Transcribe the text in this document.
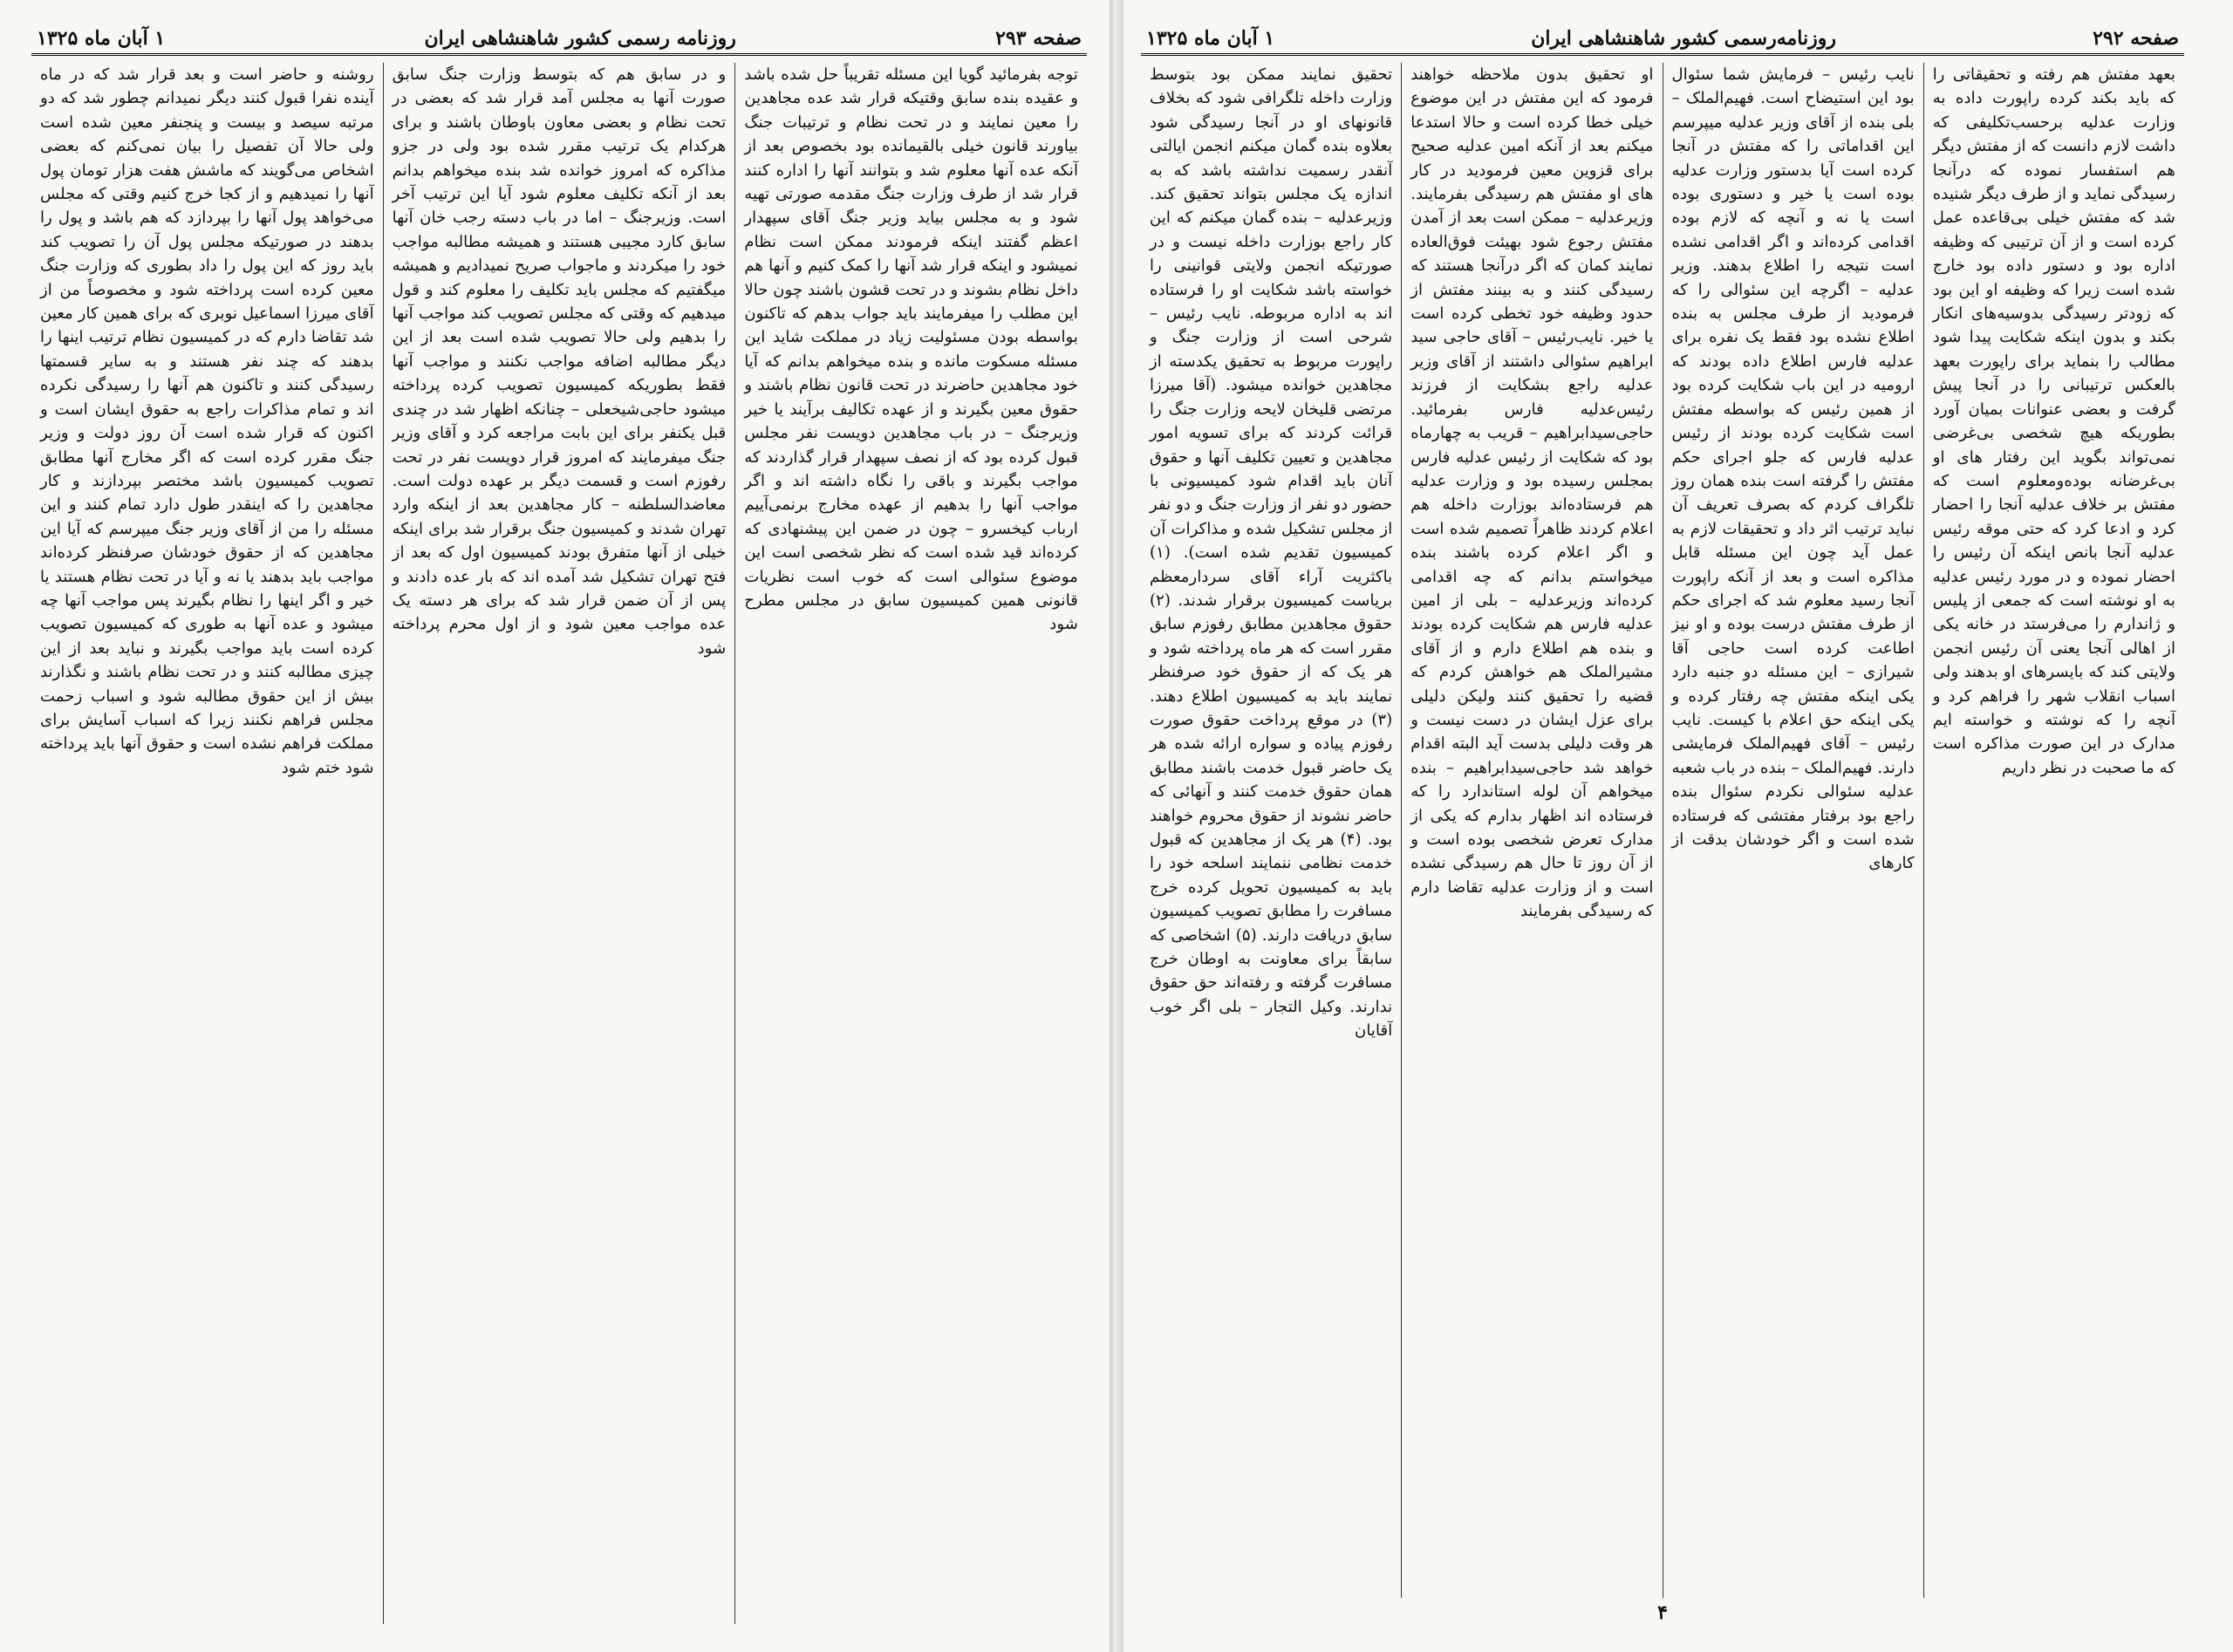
صفحه ۲۹۳
روزنامه رسمی کشور شاهنشاهی ایران
۱ آبان ماه ۱۳۲۵

توجه بفرمائید گویا این مسئله تقریباً حل شده باشد و عقیده بنده سابق وقتیکه قرار شد عده مجاهدین را معین نمایند و در تحت نظام و ترتیبات جنگ بیاورند قانون خیلی بالقیمانده بود بخصوص بعد از آنکه عده آنها معلوم شد و بتوانند آنها را اداره کنند قرار شد از طرف وزارت جنگ مقدمه صورتی تهیه شود و به مجلس بیاید وزیر جنگ آقای سپهدار اعظم گفتند اینکه فرمودند ممکن است نظام نمیشود و اینکه قرار شد آنها را کمک کنیم و آنها هم داخل نظام بشوند و در تحت قشون باشند چون حالا این مطلب را میفرمایند باید جواب بدهم که تاکنون بواسطه بودن مسئولیت زیاد در مملکت شاید این مسئله مسکوت مانده و بنده میخواهم بدانم که آیا خود مجاهدین حاضرند در تحت قانون نظام باشند و حقوق معین بگیرند و از عهده تکالیف برآیند یا خیر وزیرجنگ – در باب مجاهدین دویست نفر مجلس قبول کرده بود که از نصف سپهدار قرار گذاردند که مواجب بگیرند و باقی را نگاه داشته اند و اگر مواجب آنها را بدهیم از عهده مخارج برنمی‌آییم ارباب کیخسرو – چون در ضمن این پیشنهادی که کرده‌اند قید شده است که نظر شخصی است این موضوع سئوالی است که خوب است نظریات قانونی همین کمیسیون سابق در مجلس مطرح شود

و در سابق هم که بتوسط وزارت جنگ سابق صورت آنها به مجلس آمد قرار شد که بعضی در تحت نظام و بعضی معاون باوطان باشند و برای هرکدام یک ترتیب مقرر شده بود ولی در جزو مذاکره که امروز خوانده شد بنده میخواهم بدانم بعد از آنکه تکلیف معلوم شود آیا این ترتیب آخر است. وزیرجنگ – اما در باب دسته رجب خان آنها سابق کارد مجیبی هستند و همیشه مطالبه مواجب خود را میکردند و ماجواب صریح نمیدادیم و همیشه میگفتیم که مجلس باید تکلیف را معلوم کند و قول میدهیم که وقتی که مجلس تصویب کند مواجب آنها را بدهیم ولی حالا تصویب شده است بعد از این دیگر مطالبه اضافه مواجب نکنند و مواجب آنها فقط بطوریکه کمیسیون تصویب کرده پرداخته میشود حاجی‌شیخعلی – چنانکه اظهار شد در چندی قبل یکنفر برای این بابت مراجعه کرد و آقای وزیر جنگ میفرمایند که امروز قرار دویست نفر در تحت رفوزم است و قسمت دیگر بر عهده دولت است. معاضدالسلطنه – کار مجاهدین بعد از اینکه وارد تهران شدند و کمیسیون جنگ برقرار شد برای اینکه خیلی از آنها متفرق بودند کمیسیون اول که بعد از فتح تهران تشکیل شد آمده اند که بار عده دادند و پس از آن ضمن قرار شد که برای هر دسته یک عده مواجب معین شود و از اول محرم پرداخته شود

روشنه و حاضر است و بعد قرار شد که در ماه آینده نفرا قبول کنند دیگر نمیدانم چطور شد که دو مرتبه سیصد و بیست و پنجنفر معین شده است ولی حالا آن تفصیل را بیان نمی‌کنم که بعضی اشخاص می‌گویند که ماشش هفت هزار تومان پول آنها را نمیدهیم و از کجا خرج کنیم وقتی که مجلس می‌خواهد پول آنها را بپردازد که هم باشد و پول را بدهند در صورتیکه مجلس پول آن را تصویب کند باید روز که این پول را داد بطوری که وزارت جنگ معین کرده است پرداخته شود و مخصوصاً من از آقای میرزا اسماعیل نوبری که برای همین کار معین شد تقاضا دارم که در کمیسیون نظام ترتیب اینها را بدهند که چند نفر هستند و به سایر قسمتها رسیدگی کنند و تاکنون هم آنها را رسیدگی نکرده اند و تمام مذاکرات راجع به حقوق ایشان است و اکنون که قرار شده است آن روز دولت و وزیر جنگ مقرر کرده است که اگر مخارج آنها مطابق تصویب کمیسیون باشد مختصر بپردازند و کار مجاهدین را که اینقدر طول دارد تمام کنند و این مسئله را من از آقای وزیر جنگ میپرسم که آیا این مجاهدین که از حقوق خودشان صرفنظر کرده‌اند مواجب باید بدهند یا نه و آیا در تحت نظام هستند یا خیر و اگر اینها را نظام بگیرند پس مواجب آنها چه میشود و عده آنها به طوری که کمیسیون تصویب کرده است باید مواجب بگیرند و نباید بعد از این چیزی مطالبه کنند و در تحت نظام باشند و نگذارند بیش از این حقوق مطالبه شود و اسباب زحمت مجلس فراهم نکنند زیرا که اسباب آسایش برای مملکت فراهم نشده است و حقوق آنها باید پرداخته شود ختم شود

صفحه ۲۹۲
روزنامه‌رسمی کشور شاهنشاهی ایران
۱ آبان ماه ۱۳۲۵

بعهد مفتش هم رفته و تحقیقاتی را که باید بکند کرده راپورت داده به وزارت عدلیه برحسب‌تکلیفی که داشت لازم دانست که از مفتش دیگر هم استفسار نموده که درآنجا رسیدگی نماید و از طرف دیگر شنیده شد که مفتش خیلی بی‌قاعده عمل کرده است و از آن ترتیبی که وظیفه اداره بود و دستور داده بود خارج شده است زیرا که وظیفه او این بود که زودتر رسیدگی بدوسیه‌های انکار بکند و بدون اینکه شکایت پیدا شود مطالب را بنماید برای راپورت بعهد بالعکس ترتیبانی را در آنجا پیش گرفت و بعضی عنوانات بمیان آورد بطوریکه هیچ شخصی بی‌غرضی نمی‌تواند بگوید این رفتار های او بی‌غرضانه بوده‌ومعلوم است که مفتش بر خلاف عدلیه آنجا را احضار کرد و ادعا کرد که حتی موقه رئیس عدلیه آنجا بانص اینکه آن رئیس را احضار نموده و در مورد رئیس عدلیه به او نوشته است که جمعی از پلیس و ژاندارم را می‌فرستد در خانه یکی از اهالی آنجا یعنی آن رئیس انجمن ولایتی کند که بایسرهای او بدهند ولی اسباب انقلاب شهر را فراهم کرد و آنچه را که نوشته و خواسته ایم مدارک در این صورت مذاکره است که ما صحبت در نظر داریم

نایب رئیس – فرمایش شما سئوال بود این استیضاح است. فهیم‌الملک – بلی بنده از آقای وزیر عدلیه میپرسم این اقداماتی را که مفتش در آنجا کرده است آیا بدستور وزارت عدلیه بوده است یا خیر و دستوری بوده است یا نه و آنچه که لازم بوده اقدامی کرده‌اند و اگر اقدامی نشده است نتیجه را اطلاع بدهند. وزیر عدلیه – اگرچه این سئوالی را که فرمودید از طرف مجلس به بنده اطلاع نشده بود فقط یک نفره برای عدلیه فارس اطلاع داده بودند که ارومیه در این باب شکایت کرده بود از همین رئیس که بواسطه مفتش است شکایت کرده بودند از رئیس عدلیه فارس که جلو اجرای حکم مفتش را گرفته است بنده همان روز تلگراف کردم که بصرف تعریف آن نباید ترتیب اثر داد و تحقیقات لازم به عمل آید چون این مسئله قابل مذاکره است و بعد از آنکه راپورت آنجا رسید معلوم شد که اجرای حکم از طرف مفتش درست بوده و او نیز اطاعت کرده است حاجی آقا شیرازی – این مسئله دو جنبه دارد یکی اینکه مفتش چه رفتار کرده و یکی اینکه حق اعلام با کیست. نایب رئیس – آقای فهیم‌الملک فرمایشی دارند. فهیم‌الملک – بنده در باب شعبه عدلیه سئوالی نکردم سئوال بنده راجع بود برفتار مفتشی که فرستاده شده است و اگر خودشان بدقت از کارهای

او تحقیق بدون ملاحظه خواهند فرمود که این مفتش در این موضوع خیلی خطا کرده است و حالا استدعا میکنم بعد از آنکه امین عدلیه صحیح برای قزوین معین فرمودید در کار های او مفتش هم رسیدگی بفرمایند. وزیرعدلیه – ممکن است بعد از آمدن مفتش رجوع شود بهیئت فوق‌العاده نمایند کمان که اگر درآنجا هستند که رسیدگی کنند و به بینند مفتش از حدود وظیفه خود تخطی کرده است یا خیر. نایب‌رئیس – آقای حاجی سید ابراهیم سئوالی داشتند از آقای وزیر عدلیه راجع بشکایت از فرزند رئیس‌عدلیه فارس بفرمائید. حاجی‌سیدابراهیم – قریب به چهارماه بود که شکایت از رئیس عدلیه فارس بمجلس رسیده بود و وزارت عدلیه هم فرستاده‌اند بوزارت داخله هم اعلام کردند ظاهراً تصمیم شده است و اگر اعلام کرده باشند بنده میخواستم بدانم که چه اقدامی کرده‌اند وزیرعدلیه – بلی از امین عدلیه فارس هم شکایت کرده بودند و بنده هم اطلاع دارم و از آقای مشیرالملک هم خواهش کردم که قضیه را تحقیق کنند ولیکن دلیلی برای عزل ایشان در دست نیست و هر وقت دلیلی بدست آید البته اقدام خواهد شد حاجی‌سیدابراهیم – بنده میخواهم آن لوله استاندارد را که فرستاده اند اظهار بدارم که یکی از مدارک تعرض شخصی بوده است و از آن روز تا حال هم رسیدگی نشده است و از وزارت عدلیه تقاضا دارم که رسیدگی بفرمایند

تحقیق نمایند ممکن بود بتوسط وزارت داخله تلگرافی شود که بخلاف قانونهای او در آنجا رسیدگی شود بعلاوه بنده گمان میکنم انجمن ایالتی آنقدر رسمیت نداشته باشد که به اندازه یک مجلس بتواند تحقیق کند. وزیرعدلیه – بنده گمان میکنم که این کار راجع بوزارت داخله نیست و در صورتیکه انجمن ولایتی قوانینی را خواسته باشد شکایت او را فرستاده اند به اداره مربوطه. نایب رئیس – شرحی است از وزارت جنگ و راپورت مربوط به تحقیق یکدسته از مجاهدین خوانده میشود. (آقا میرزا مرتضی قلیخان لایحه وزارت جنگ را قرائت کردند که برای تسویه امور مجاهدین و تعیین تکلیف آنها و حقوق آنان باید اقدام شود کمیسیونی با حضور دو نفر از وزارت جنگ و دو نفر از مجلس تشکیل شده و مذاکرات آن کمیسیون تقدیم شده است). (۱) باکثریت آراء آقای سردارمعظم بریاست کمیسیون برقرار شدند. (۲) حقوق مجاهدین مطابق رفوزم سابق مقرر است که هر ماه پرداخته شود و هر یک که از حقوق خود صرفنظر نمایند باید به کمیسیون اطلاع دهند. (۳) در موقع پرداخت حقوق صورت رفوزم پیاده و سواره ارائه شده هر یک حاضر قبول خدمت باشند مطابق همان حقوق خدمت کنند و آنهائی که حاضر نشوند از حقوق محروم خواهند بود. (۴) هر یک از مجاهدین که قبول خدمت نظامی ننمایند اسلحه خود را باید به کمیسیون تحویل کرده خرج مسافرت را مطابق تصویب کمیسیون سابق دریافت دارند. (۵) اشخاصی که سابقاً برای معاونت به اوطان خرج مسافرت گرفته و رفته‌اند حق حقوق ندارند. وکیل التجار – بلی اگر خوب آقایان

۴
